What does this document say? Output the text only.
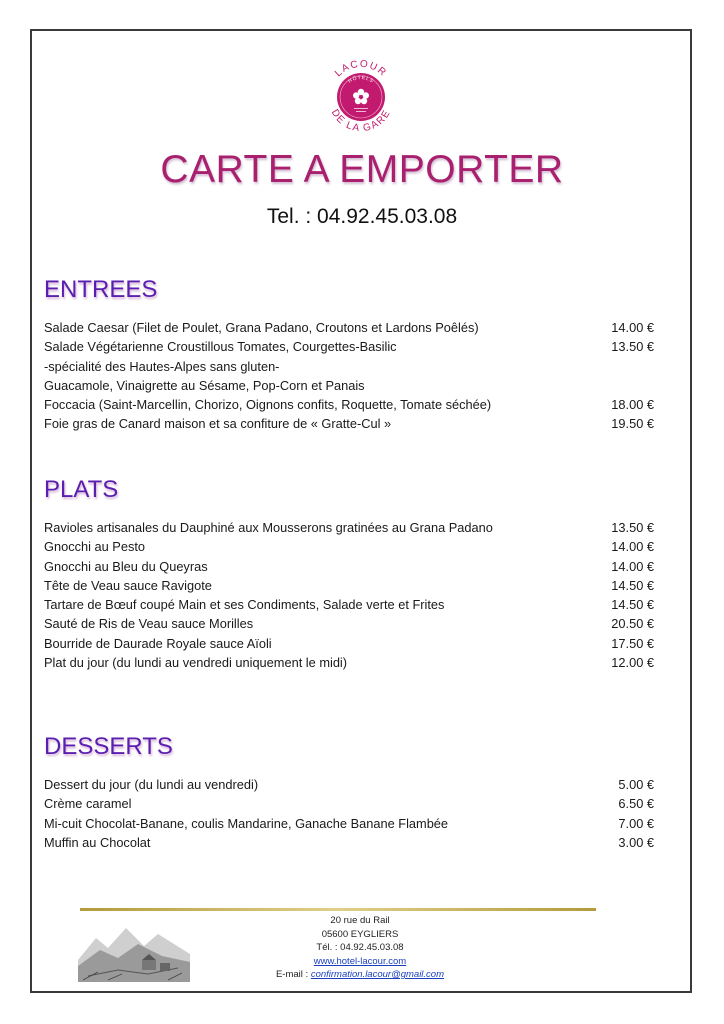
LACOUR
DE LA GARE
HÔTELS
CARTE A EMPORTER
Tel. : 04.92.45.03.08
ENTREES
Salade Caesar (Filet de Poulet, Grana Padano, Croutons et Lardons Poêlés)	14.00 €
Salade Végétarienne Croustillous Tomates, Courgettes-Basilic	13.50 €
-spécialité des Hautes-Alpes sans gluten-
Guacamole, Vinaigrette au Sésame, Pop-Corn et Panais
Foccacia (Saint-Marcellin, Chorizo, Oignons confits, Roquette, Tomate séchée)	18.00 €
Foie gras de Canard maison et sa confiture de « Gratte-Cul »	19.50 €
PLATS
Ravioles artisanales du Dauphiné aux Mousserons gratinées au Grana Padano	13.50 €
Gnocchi au Pesto	14.00 €
Gnocchi au Bleu du Queyras	14.00 €
Tête de Veau sauce Ravigote	14.50 €
Tartare de Bœuf coupé Main et ses Condiments, Salade verte et Frites	14.50 €
Sauté de Ris de Veau sauce Morilles	20.50 €
Bourride de Daurade Royale sauce Aïoli	17.50 €
Plat du jour (du lundi au vendredi uniquement le midi)	12.00 €
DESSERTS
Dessert du jour (du lundi au vendredi)	5.00 €
Crème caramel	6.50 €
Mi-cuit Chocolat-Banane, coulis Mandarine, Ganache Banane Flambée	7.00 €
Muffin au Chocolat	3.00 €
20 rue du Rail
05600 EYGLIERS
Tél. : 04.92.45.03.08
www.hotel-lacour.com
E-mail : confirmation.lacour@gmail.com
